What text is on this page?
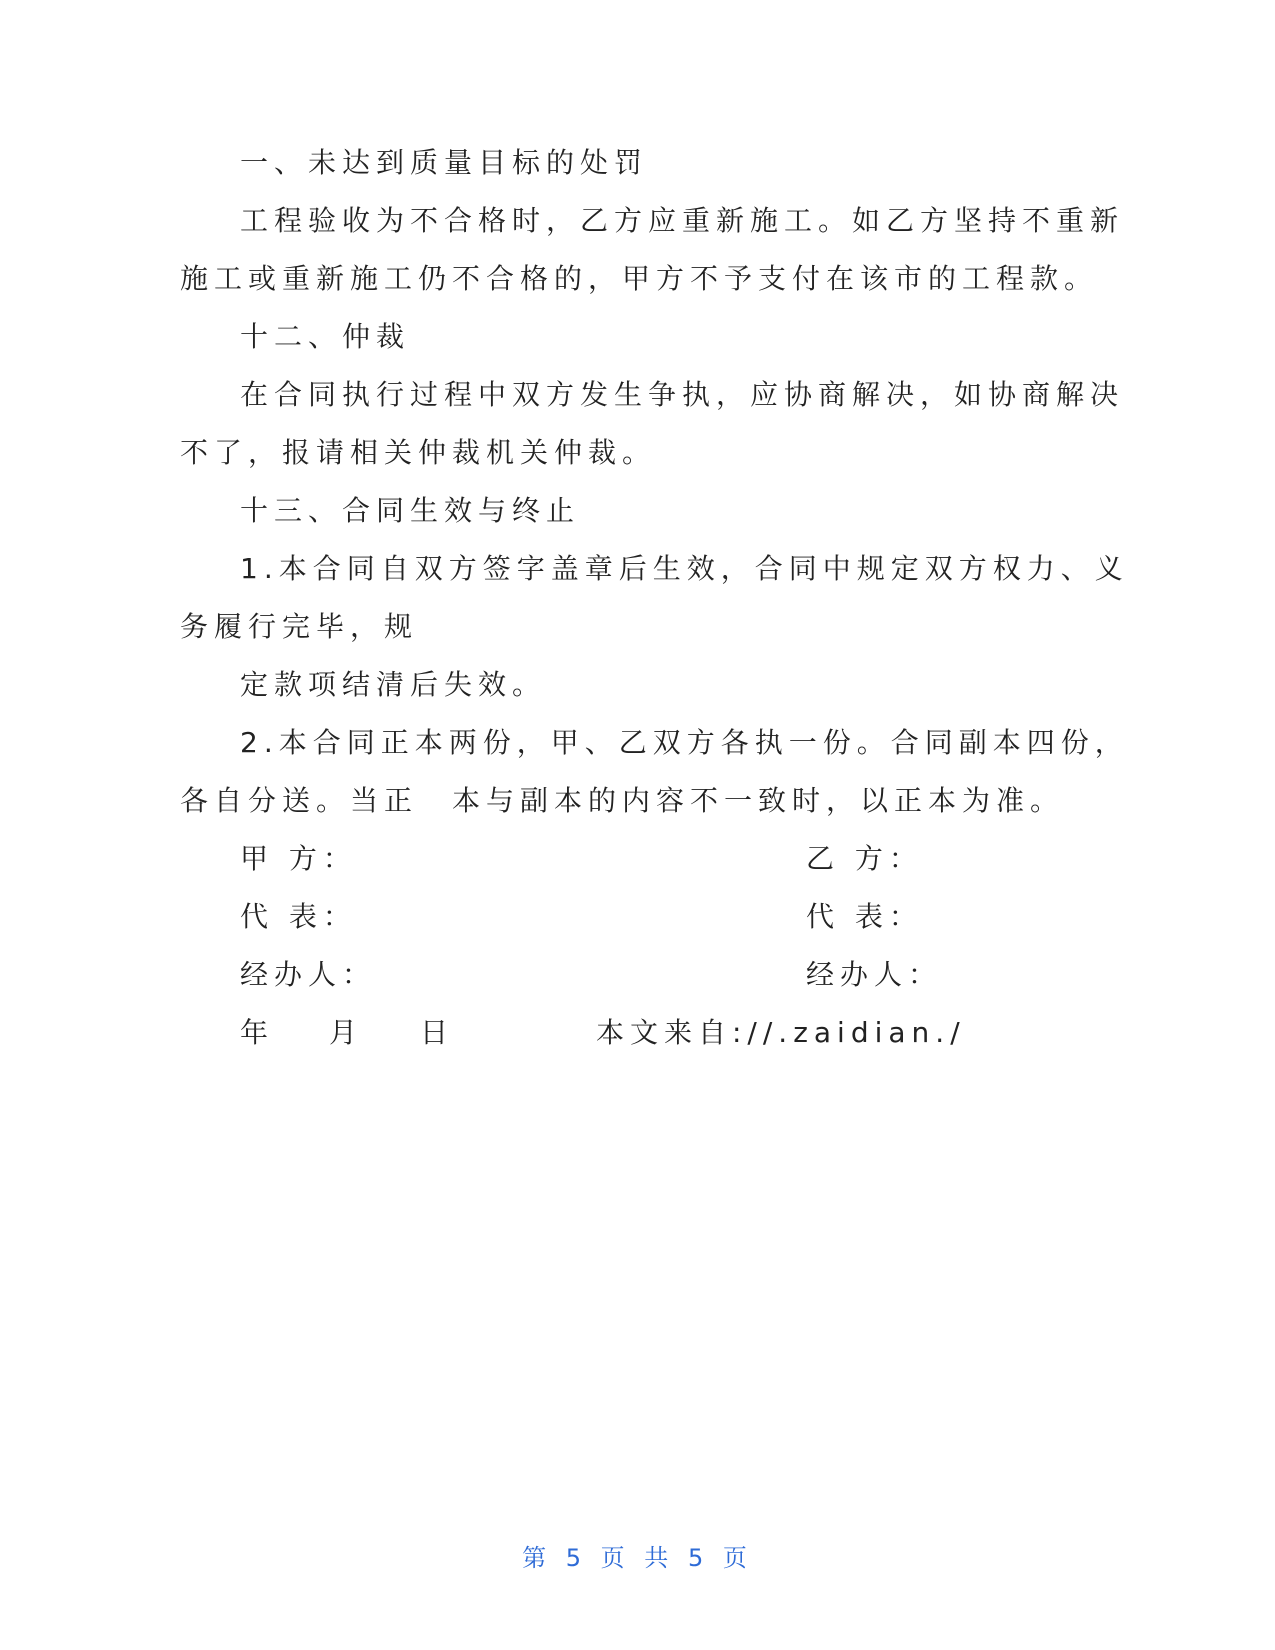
一、未达到质量目标的处罚
工程验收为不合格时，乙方应重新施工。如乙方坚持不重新
施工或重新施工仍不合格的，甲方不予支付在该市的工程款。
十二、仲裁
在合同执行过程中双方发生争执，应协商解决，如协商解决
不了，报请相关仲裁机关仲裁。
十三、合同生效与终止
1.本合同自双方签字盖章后生效，合同中规定双方权力、义
务履行完毕，规
定款项结清后失效。
2.本合同正本两份，甲、乙双方各执一份。合同副本四份，
各自分送。当正　本与副本的内容不一致时，以正本为准。
甲 方：	乙 方：
代 表：	代 表：
经办人：	经办人：
年 月 日	本文来自://.zaidian./
第 5 页 共 5 页
